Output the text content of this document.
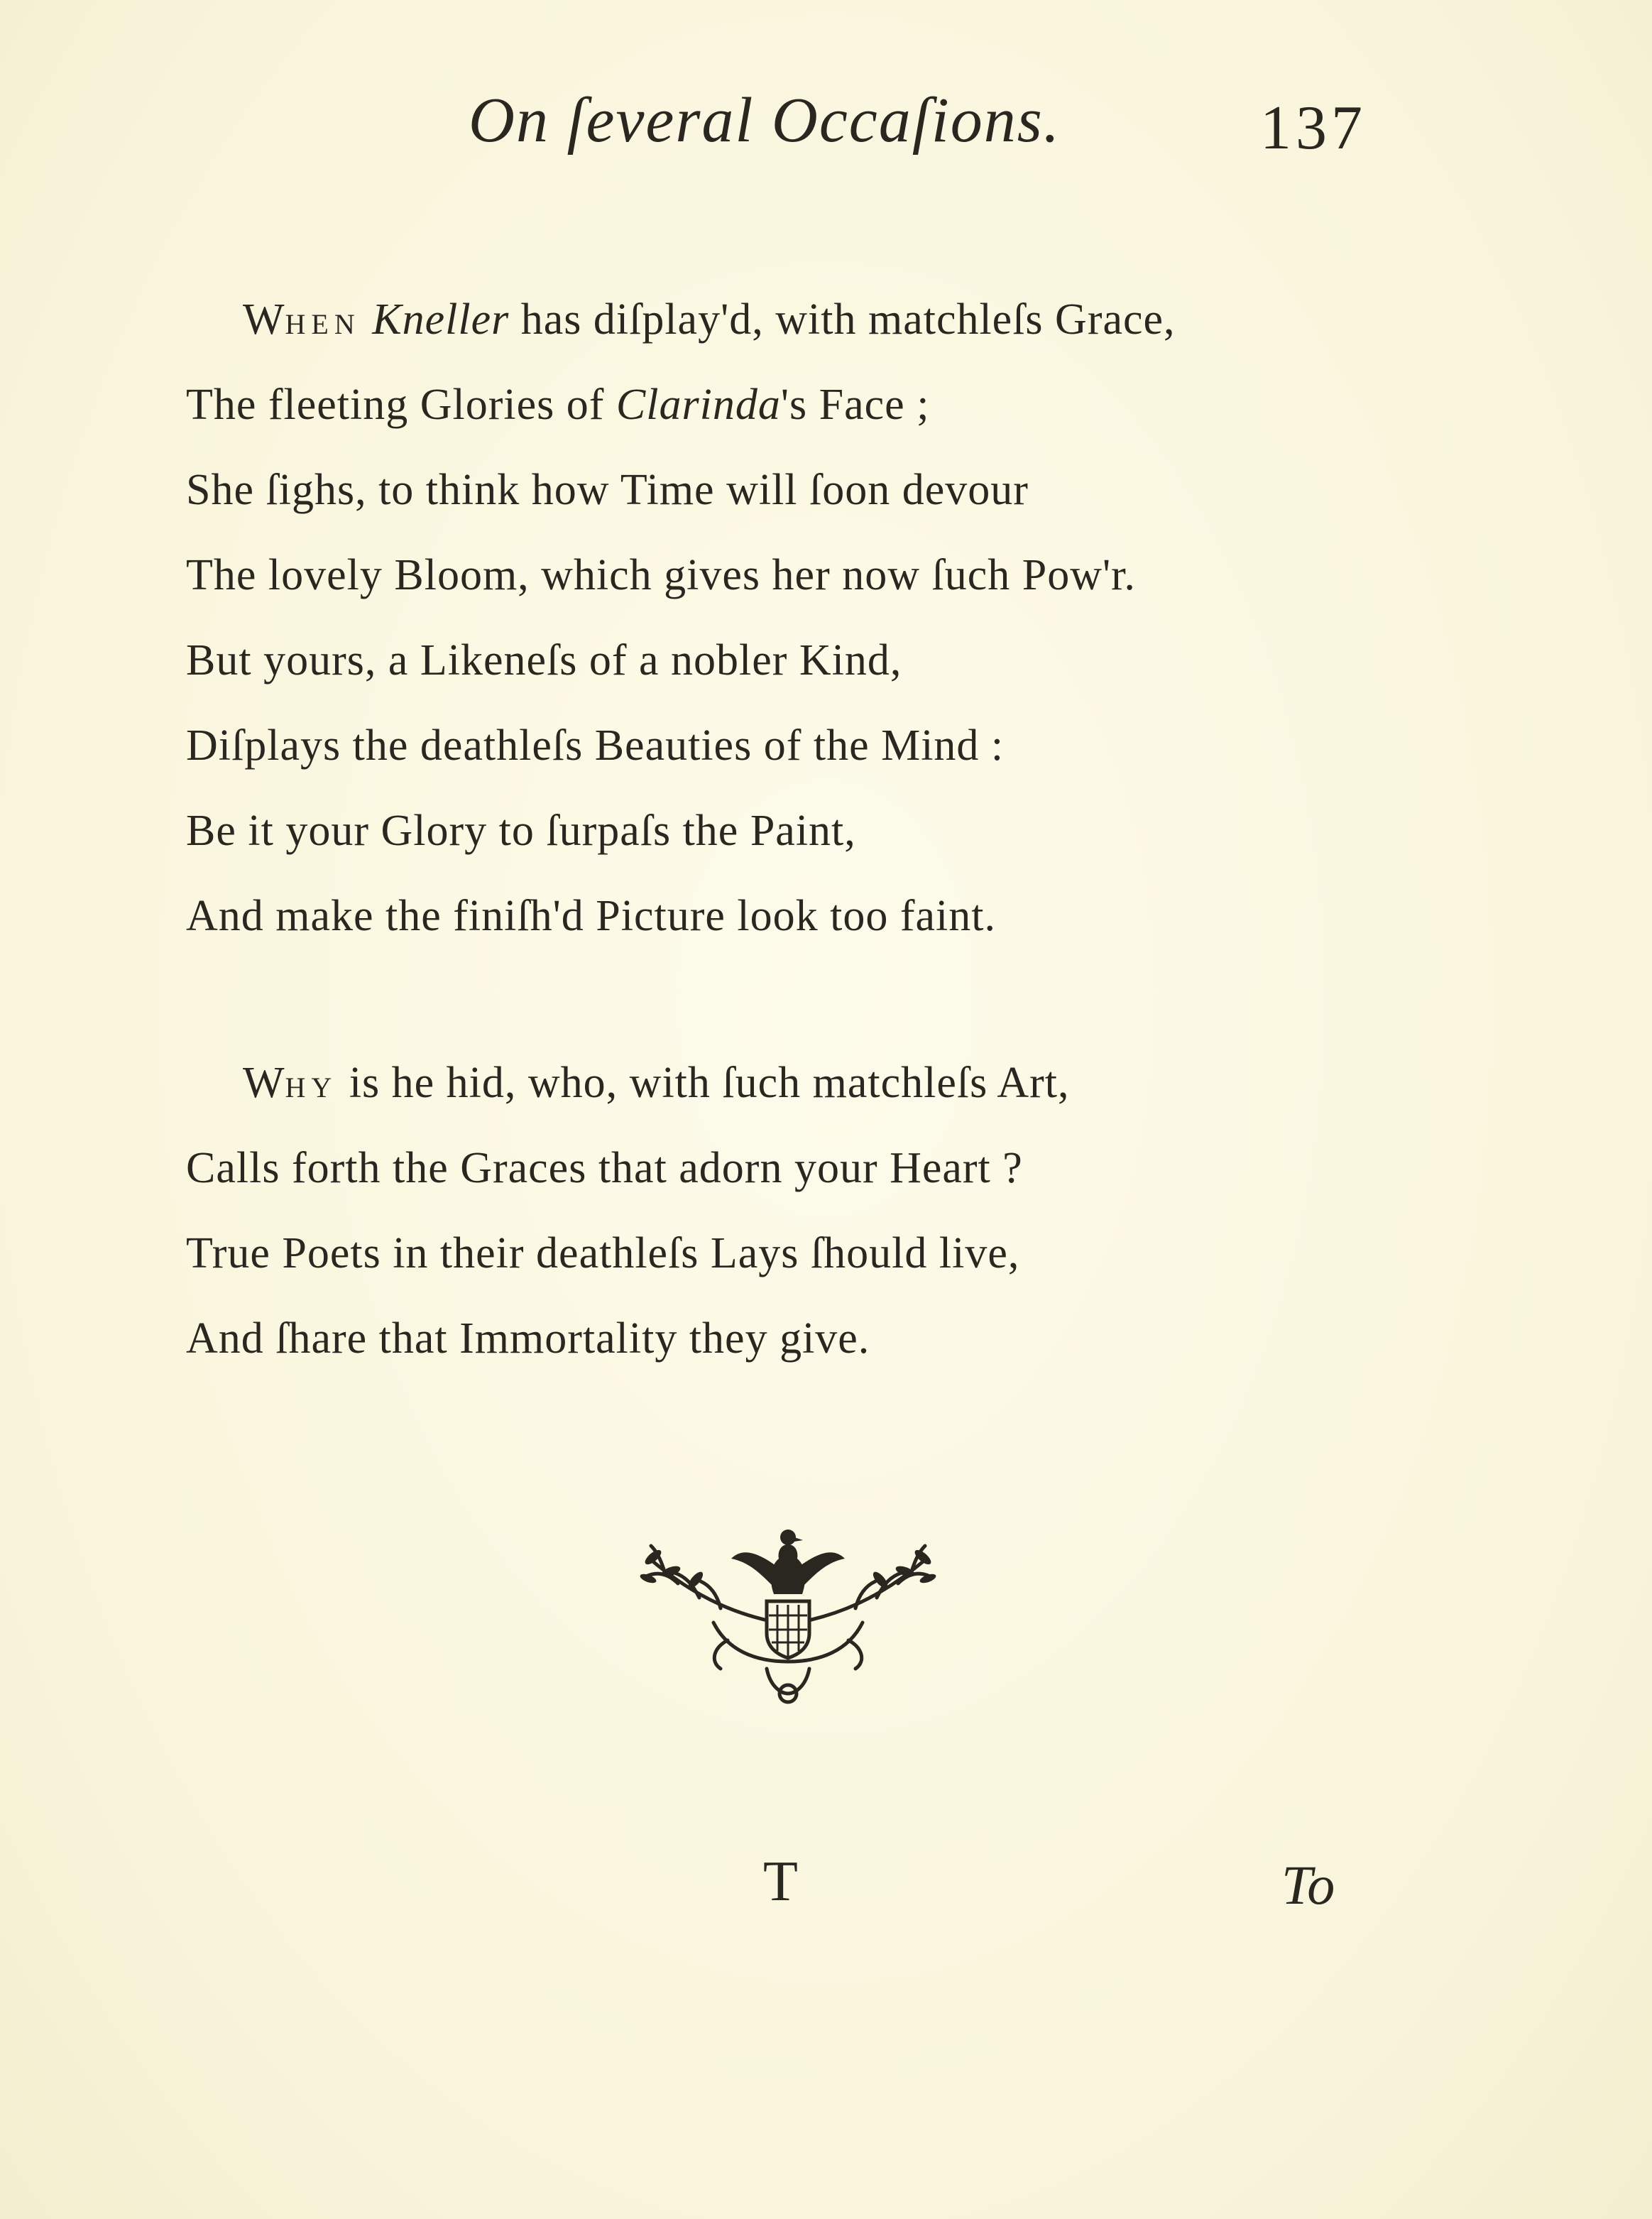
On ſeveral Occaſions.	137
WHEN Kneller has diſplay'd, with matchleſs Grace,
The fleeting Glories of Clarinda's Face ;
She ſighs, to think how Time will ſoon devour
The lovely Bloom, which gives her now ſuch Pow'r.
But yours, a Likeneſs of a nobler Kind,
Diſplays the deathleſs Beauties of the Mind :
Be it your Glory to ſurpaſs the Paint,
And make the finiſh'd Picture look too faint.
WHY is he hid, who, with ſuch matchleſs Art,
Calls forth the Graces that adorn your Heart ?
True Poets in their deathleſs Lays ſhould live,
And ſhare that Immortality they give.
T	To
